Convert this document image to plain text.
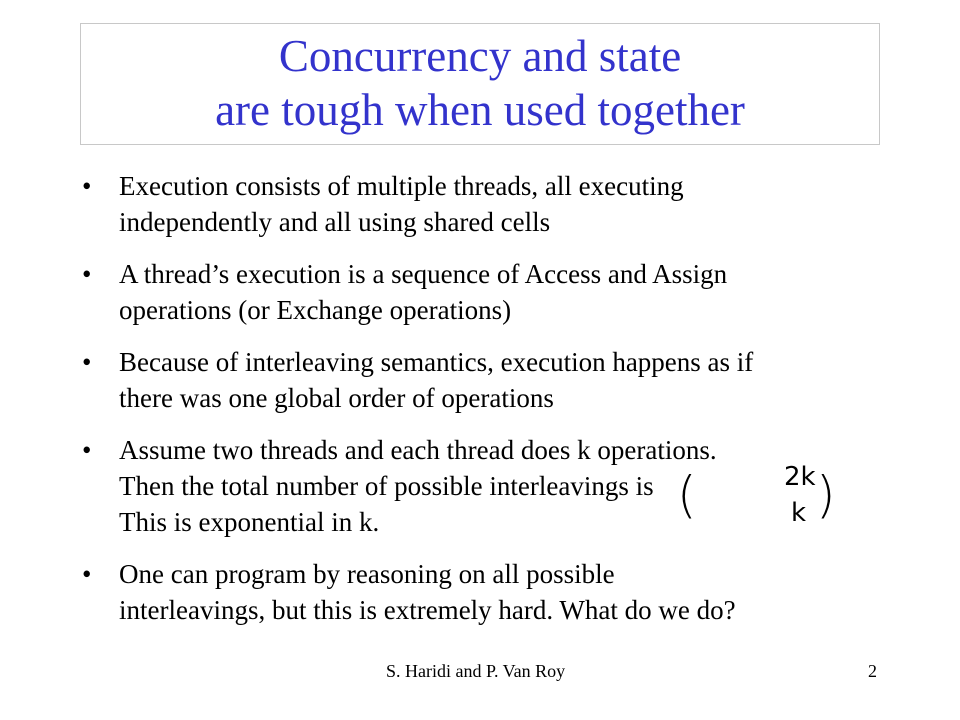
Concurrency and state
are tough when used together
• Execution consists of multiple threads, all executing
independently and all using shared cells
• A thread’s execution is a sequence of Access and Assign
operations (or Exchange operations)
• Because of interleaving semantics, execution happens as if
there was one global order of operations
• Assume two threads and each thread does k operations.
Then the total number of possible interleavings is
This is exponential in k.
• One can program by reasoning on all possible
interleavings, but this is extremely hard. What do we do?
(	2k
k )
S. Haridi and P. Van Roy	2
